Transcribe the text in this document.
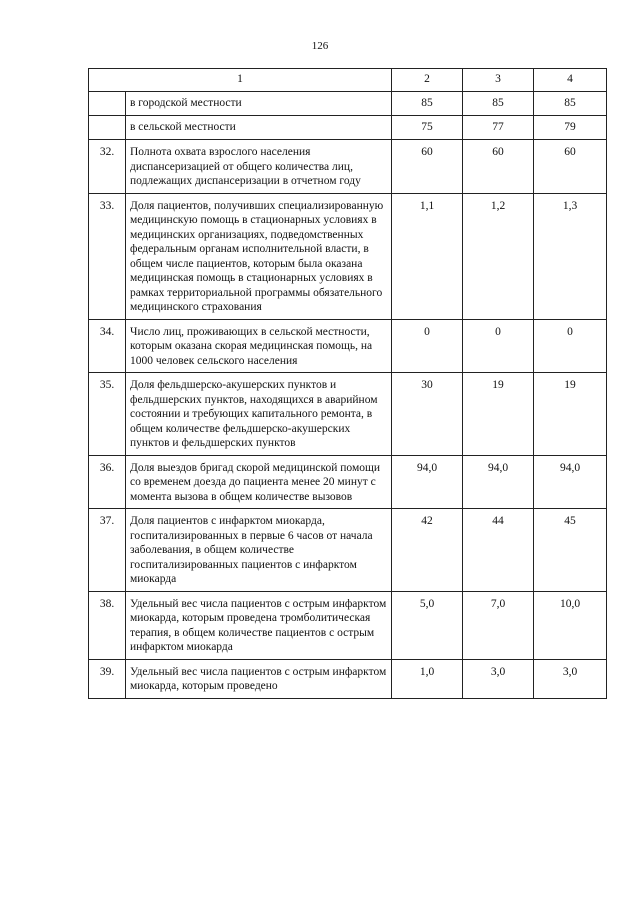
126
1		2	3	4
	в городской местности	85	85	85
	в сельской местности	75	77	79
32.	Полнота охвата взрослого населения диспансеризацией от общего количества лиц, подлежащих диспансеризации в отчетном году	60	60	60
33.	Доля пациентов, получивших специализированную медицинскую помощь в стационарных условиях в медицинских организациях, подведомственных федеральным органам исполнительной власти, в общем числе пациентов, которым была оказана медицинская помощь в стационарных условиях в рамках территориальной программы обязательного медицинского страхования	1,1	1,2	1,3
34.	Число лиц, проживающих в сельской местности, которым оказана скорая медицинская помощь, на 1000 человек сельского населения	0	0	0
35.	Доля фельдшерско-акушерских пунктов и фельдшерских пунктов, находящихся в аварийном состоянии и требующих капитального ремонта, в общем количестве фельдшерско-акушерских пунктов и фельдшерских пунктов	30	19	19
36.	Доля выездов бригад скорой медицинской помощи со временем доезда до пациента менее 20 минут с момента вызова в общем количестве вызовов	94,0	94,0	94,0
37.	Доля пациентов с инфарктом миокарда, госпитализированных в первые 6 часов от начала заболевания, в общем количестве госпитализированных пациентов с инфарктом миокарда	42	44	45
38.	Удельный вес числа пациентов с острым инфарктом миокарда, которым проведена тромболитическая терапия, в общем количестве пациентов с острым инфарктом миокарда	5,0	7,0	10,0
39.	Удельный вес числа пациентов с острым инфарктом миокарда, которым проведено	1,0	3,0	3,0
